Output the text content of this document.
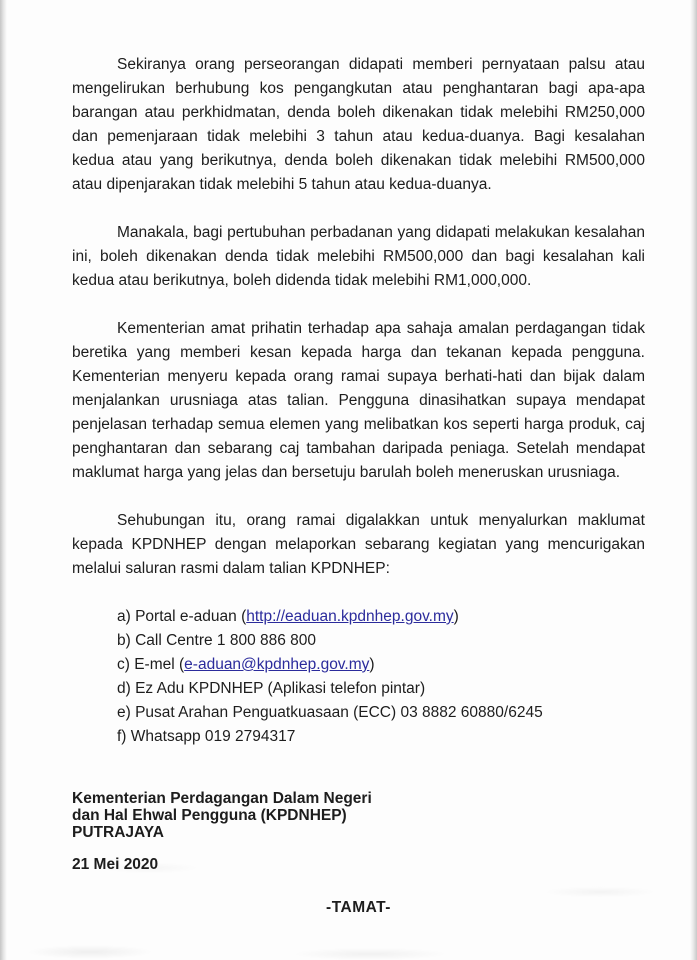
Sekiranya orang perseorangan didapati memberi pernyataan palsu atau mengelirukan berhubung kos pengangkutan atau penghantaran bagi apa-apa barangan atau perkhidmatan, denda boleh dikenakan tidak melebihi RM250,000 dan pemenjaraan tidak melebihi 3 tahun atau kedua-duanya. Bagi kesalahan kedua atau yang berikutnya, denda boleh dikenakan tidak melebihi RM500,000 atau dipenjarakan tidak melebihi 5 tahun atau kedua-duanya.

Manakala, bagi pertubuhan perbadanan yang didapati melakukan kesalahan ini, boleh dikenakan denda tidak melebihi RM500,000 dan bagi kesalahan kali kedua atau berikutnya, boleh didenda tidak melebihi RM1,000,000.

Kementerian amat prihatin terhadap apa sahaja amalan perdagangan tidak beretika yang memberi kesan kepada harga dan tekanan kepada pengguna. Kementerian menyeru kepada orang ramai supaya berhati-hati dan bijak dalam menjalankan urusniaga atas talian. Pengguna dinasihatkan supaya mendapat penjelasan terhadap semua elemen yang melibatkan kos seperti harga produk, caj penghantaran dan sebarang caj tambahan daripada peniaga. Setelah mendapat maklumat harga yang jelas dan bersetuju barulah boleh meneruskan urusniaga.

Sehubungan itu, orang ramai digalakkan untuk menyalurkan maklumat kepada KPDNHEP dengan melaporkan sebarang kegiatan yang mencurigakan melalui saluran rasmi dalam talian KPDNHEP:

a) Portal e-aduan (http://eaduan.kpdnhep.gov.my)
b) Call Centre 1 800 886 800
c) E-mel (e-aduan@kpdnhep.gov.my)
d) Ez Adu KPDNHEP (Aplikasi telefon pintar)
e) Pusat Arahan Penguatkuasaan (ECC) 03 8882 60880/6245
f) Whatsapp 019 2794317
Kementerian Perdagangan Dalam Negeri
dan Hal Ehwal Pengguna (KPDNHEP)
PUTRAJAYA
21 Mei 2020
-TAMAT-
